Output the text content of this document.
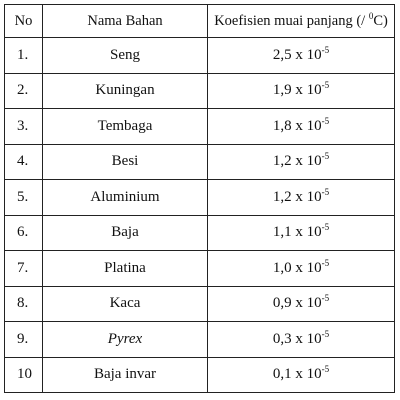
No	Nama Bahan	Koefisien muai panjang (/ $^0$C)
1.	Seng	2,5 x $10^{-5}$
2.	Kuningan	1,9 x $10^{-5}$
3.	Tembaga	1,8 x $10^{-5}$
4.	Besi	1,2 x $10^{-5}$
5.	Aluminium	1,2 x $10^{-5}$
6.	Baja	1,1 x $10^{-5}$
7.	Platina	1,0 x $10^{-5}$
8.	Kaca	0,9 x $10^{-5}$
9.	Pyrex	0,3 x $10^{-5}$
10	Baja invar	0,1 x $10^{-5}$
